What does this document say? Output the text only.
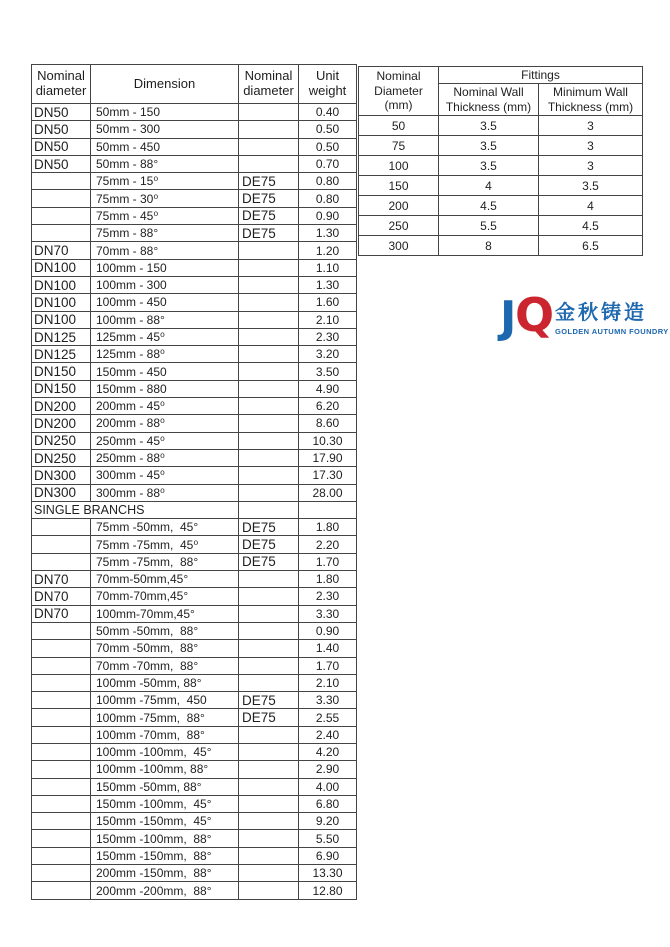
Nominal diameter	Dimension	Nominal diameter	Unit weight
DN50	50mm - 150		0.40
DN50	50mm - 300		0.50
DN50	50mm - 450		0.50
DN50	50mm - 88°		0.70
	75mm - 15⁰	DE75	0.80
	75mm - 30⁰	DE75	0.80
	75mm - 45⁰	DE75	0.90
	75mm - 88°	DE75	1.30
DN70	70mm - 88°		1.20
DN100	100mm - 150		1.10
DN100	100mm - 300		1.30
DN100	100mm - 450		1.60
DN100	100mm - 88°		2.10
DN125	125mm - 45⁰		2.30
DN125	125mm - 88⁰		3.20
DN150	150mm - 450		3.50
DN150	150mm - 880		4.90
DN200	200mm - 45⁰		6.20
DN200	200mm - 88⁰		8.60
DN250	250mm - 45⁰		10.30
DN250	250mm - 88⁰		17.90
DN300	300mm - 45⁰		17.30
DN300	300mm - 88⁰		28.00
SINGLE BRANCHS			
	75mm -50mm,  45°	DE75	1.80
	75mm -75mm,  45⁰	DE75	2.20
	75mm -75mm,  88°	DE75	1.70
DN70	70mm-50mm,45°		1.80
DN70	70mm-70mm,45°		2.30
DN70	100mm-70mm,45°		3.30
	50mm -50mm,  88°		0.90
	70mm -50mm,  88°		1.40
	70mm -70mm,  88°		1.70
	100mm -50mm, 88°		2.10
	100mm -75mm,  450	DE75	3.30
	100mm -75mm,  88°	DE75	2.55
	100mm -70mm,  88°		2.40
	100mm -100mm,  45°		4.20
	100mm -100mm, 88°		2.90
	150mm -50mm, 88°		4.00
	150mm -100mm,  45°		6.80
	150mm -150mm,  45°		9.20
	150mm -100mm,  88°		5.50
	150mm -150mm,  88°		6.90
	200mm -150mm,  88°		13.30
	200mm -200mm,  88°		12.80
Nominal Diameter (mm)	Fittings	
	Nominal Wall Thickness (mm)	Minimum Wall Thickness (mm)
50	3.5	3
75	3.5	3
100	3.5	3
150	4	3.5
200	4.5	4
250	5.5	4.5
300	8	6.5
J
Q 金秋铸造
GOLDEN AUTUMN FOUNDRY
